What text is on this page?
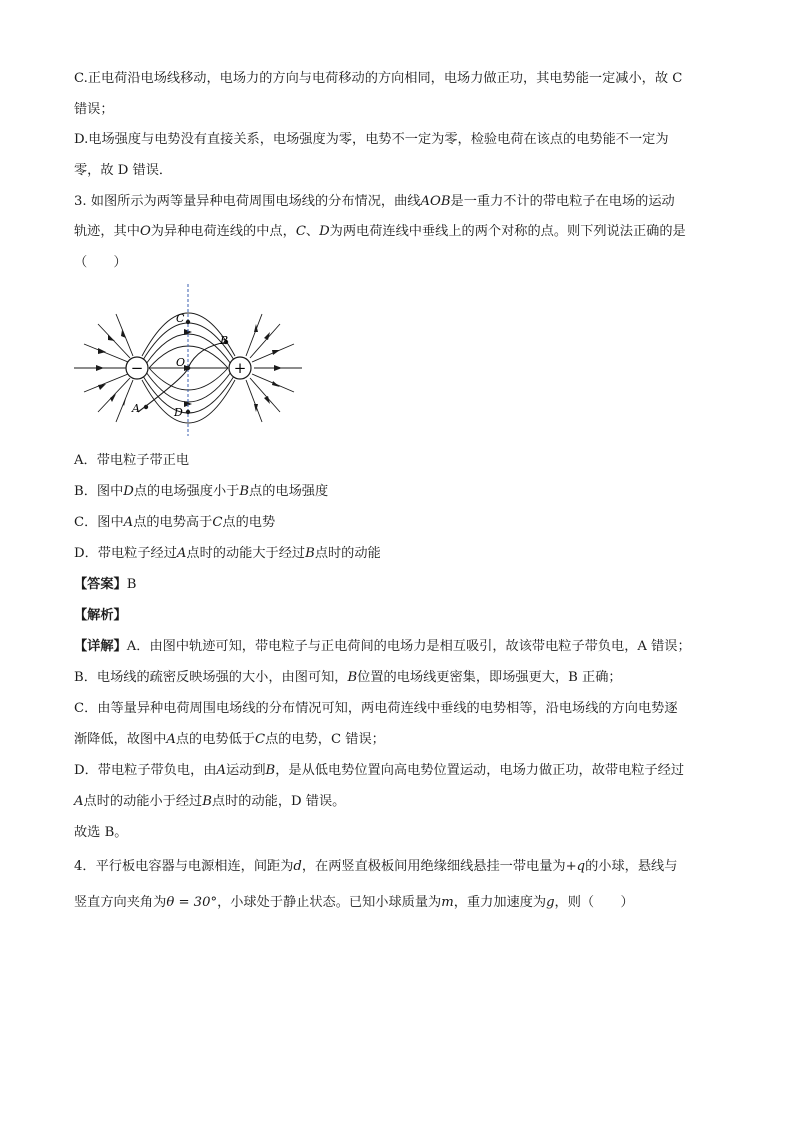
C.正电荷沿电场线移动，电场力的方向与电荷移动的方向相同，电场力做正功，其电势能一定减小，故 C
错误；
D.电场强度与电势没有直接关系，电场强度为零，电势不一定为零，检验电荷在该点的电势能不一定为
零，故 D 错误．
3. 如图所示为两等量异种电荷周围电场线的分布情况，曲线AOB是一重力不计的带电粒子在电场的运动
轨迹，其中O为异种电荷连线的中点，C、D为两电荷连线中垂线上的两个对称的点。则下列说法正确的是
（　　）
−	+
C
O
D
A
B
A．带电粒子带正电
B．图中D点的电场强度小于B点的电场强度
C．图中A点的电势高于C点的电势
D．带电粒子经过A点时的动能大于经过B点时的动能
【答案】B
【解析】
【详解】A．由图中轨迹可知，带电粒子与正电荷间的电场力是相互吸引，故该带电粒子带负电，A 错误；
B．电场线的疏密反映场强的大小，由图可知，B位置的电场线更密集，即场强更大，B 正确；
C．由等量异种电荷周围电场线的分布情况可知，两电荷连线中垂线的电势相等，沿电场线的方向电势逐
渐降低，故图中A点的电势低于C点的电势，C 错误；
D．带电粒子带负电，由A运动到B，是从低电势位置向高电势位置运动，电场力做正功，故带电粒子经过
A点时的动能小于经过B点时的动能，D 错误。
故选 B。
4．平行板电容器与电源相连，间距为d，在两竖直极板间用绝缘细线悬挂一带电量为+q的小球，悬线与
竖直方向夹角为θ = 30°，小球处于静止状态。已知小球质量为m，重力加速度为g，则（　　）
